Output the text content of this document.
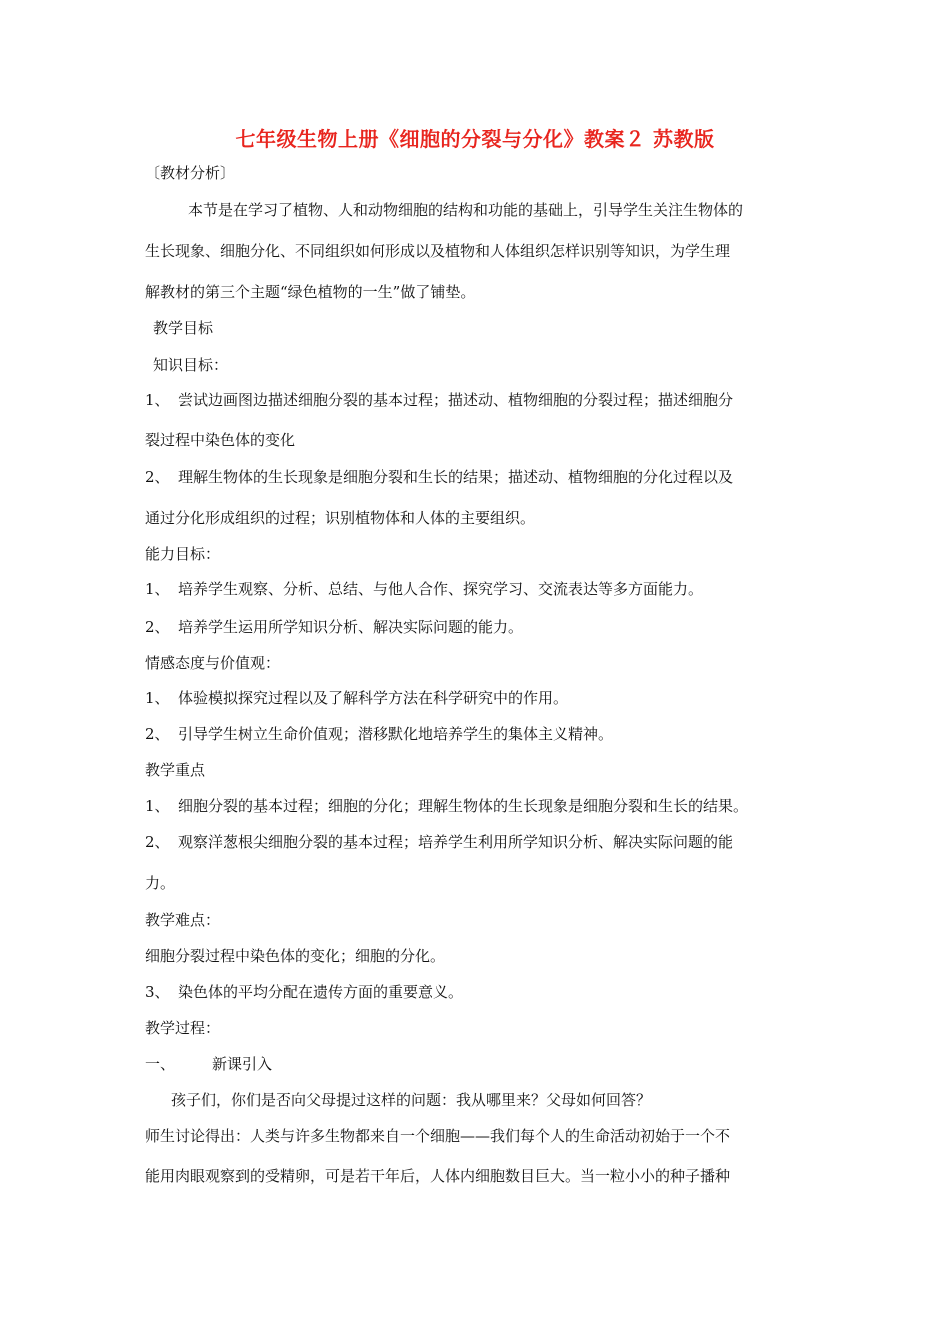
七年级生物上册《细胞的分裂与分化》教案２ 苏教版
〔教材分析〕
本节是在学习了植物、人和动物细胞的结构和功能的基础上，引导学生关注生物体的
生长现象、细胞分化、不同组织如何形成以及植物和人体组织怎样识别等知识，为学生理
解教材的第三个主题“绿色植物的一生”做了铺垫。
教学目标
知识目标：
1、 尝试边画图边描述细胞分裂的基本过程；描述动、植物细胞的分裂过程；描述细胞分
裂过程中染色体的变化
2、 理解生物体的生长现象是细胞分裂和生长的结果；描述动、植物细胞的分化过程以及
通过分化形成组织的过程；识别植物体和人体的主要组织。
能力目标：
1、 培养学生观察、分析、总结、与他人合作、探究学习、交流表达等多方面能力。
2、 培养学生运用所学知识分析、解决实际问题的能力。
情感态度与价值观：
1、 体验模拟探究过程以及了解科学方法在科学研究中的作用。
2、 引导学生树立生命价值观；潜移默化地培养学生的集体主义精神。
教学重点
1、 细胞分裂的基本过程；细胞的分化；理解生物体的生长现象是细胞分裂和生长的结果。
2、 观察洋葱根尖细胞分裂的基本过程；培养学生利用所学知识分析、解决实际问题的能
力。
教学难点：
细胞分裂过程中染色体的变化；细胞的分化。
3、 染色体的平均分配在遗传方面的重要意义。
教学过程：
一、 新课引入
孩子们，你们是否向父母提过这样的问题：我从哪里来？父母如何回答？
师生讨论得出：人类与许多生物都来自一个细胞——我们每个人的生命活动初始于一个不
能用肉眼观察到的受精卵，可是若干年后，人体内细胞数目巨大。当一粒小小的种子播种
